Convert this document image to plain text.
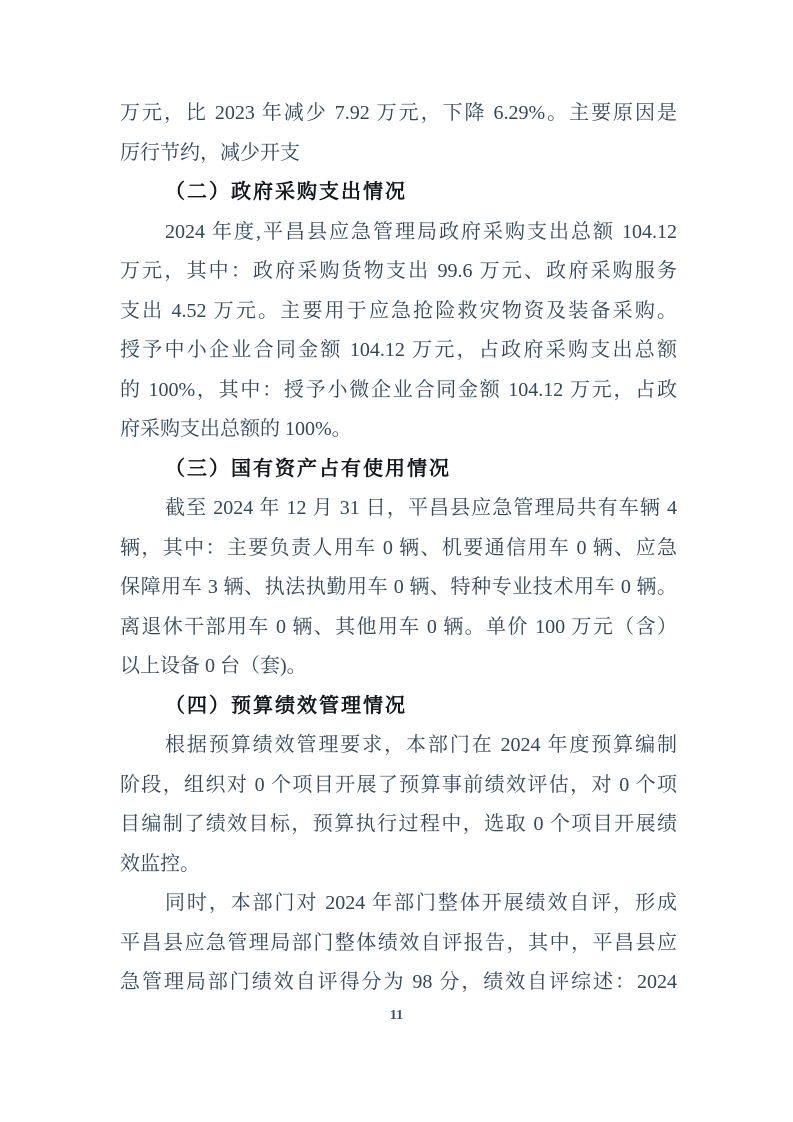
万元，比 2023 年减少 7.92 万元，下降 6.29%。主要原因是
厉行节约，减少开支
（二）政府采购支出情况
2024 年度,平昌县应急管理局政府采购支出总额 104.12
万元，其中：政府采购货物支出 99.6 万元、政府采购服务
支出 4.52 万元。主要用于应急抢险救灾物资及装备采购。
授予中小企业合同金额 104.12 万元，占政府采购支出总额
的 100%，其中：授予小微企业合同金额 104.12 万元，占政
府采购支出总额的 100%。
（三）国有资产占有使用情况
截至 2024 年 12 月 31 日，平昌县应急管理局共有车辆 4
辆，其中：主要负责人用车 0 辆、机要通信用车 0 辆、应急
保障用车 3 辆、执法执勤用车 0 辆、特种专业技术用车 0 辆。
离退休干部用车 0 辆、其他用车 0 辆。单价 100 万元（含）
以上设备 0 台（套)。
（四）预算绩效管理情况
根据预算绩效管理要求，本部门在 2024 年度预算编制
阶段，组织对 0 个项目开展了预算事前绩效评估，对 0 个项
目编制了绩效目标，预算执行过程中，选取 0 个项目开展绩
效监控。
同时，本部门对 2024 年部门整体开展绩效自评，形成
平昌县应急管理局部门整体绩效自评报告，其中，平昌县应
急管理局部门绩效自评得分为 98 分，绩效自评综述：2024
11
